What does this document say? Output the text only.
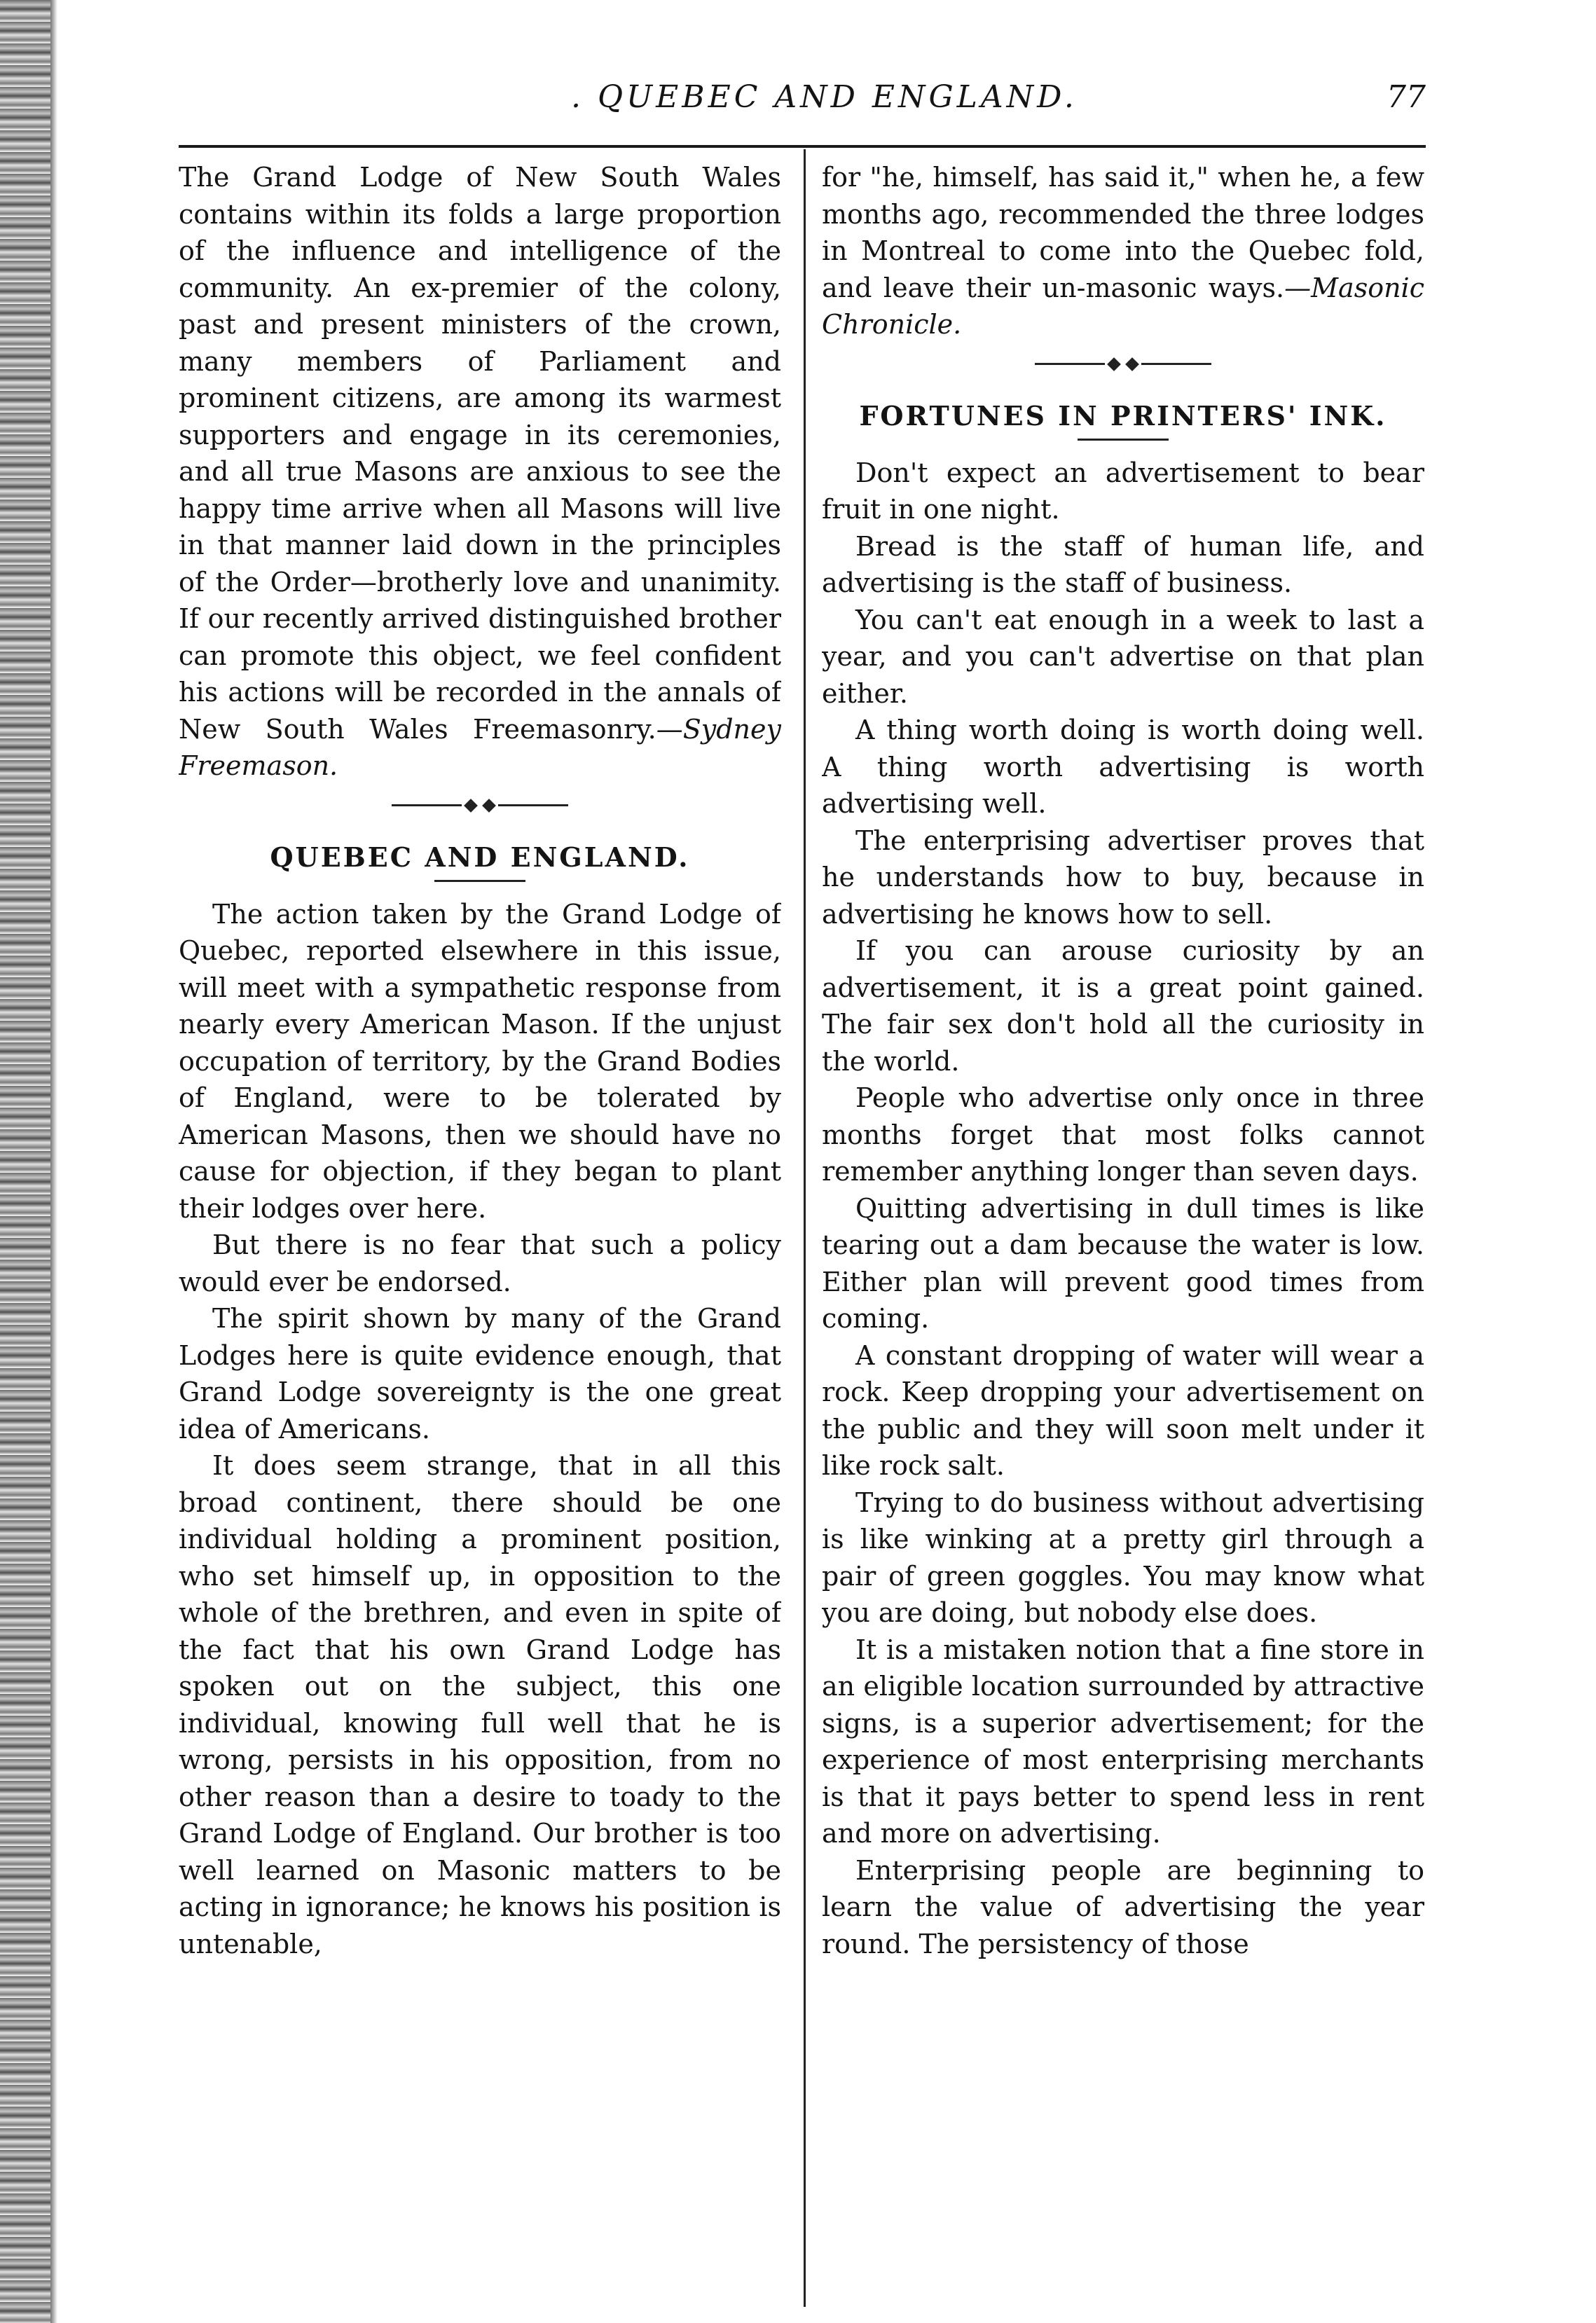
. QUEBEC AND ENGLAND.	77

The Grand Lodge of New South Wales contains within its folds a large proportion of the influence and intelligence of the community. An ex-premier of the colony, past and present ministers of the crown, many members of Parliament and prominent citizens, are among its warmest supporters and engage in its ceremonies, and all true Masons are anxious to see the happy time arrive when all Masons will live in that manner laid down in the principles of the Order—brotherly love and unanimity. If our recently arrived distinguished brother can promote this object, we feel confident his actions will be recorded in the annals of New South Wales Freemasonry.—Sydney Freemason.

QUEBEC AND ENGLAND.

The action taken by the Grand Lodge of Quebec, reported elsewhere in this issue, will meet with a sympathetic response from nearly every American Mason. If the unjust occupation of territory, by the Grand Bodies of England, were to be tolerated by American Masons, then we should have no cause for objection, if they began to plant their lodges over here.

But there is no fear that such a policy would ever be endorsed.

The spirit shown by many of the Grand Lodges here is quite evidence enough, that Grand Lodge sovereignty is the one great idea of Americans.

It does seem strange, that in all this broad continent, there should be one individual holding a prominent position, who set himself up, in opposition to the whole of the brethren, and even in spite of the fact that his own Grand Lodge has spoken out on the subject, this one individual, knowing full well that he is wrong, persists in his opposition, from no other reason than a desire to toady to the Grand Lodge of England. Our brother is too well learned on Masonic matters to be acting in ignorance; he knows his position is untenable,

for "he, himself, has said it," when he, a few months ago, recommended the three lodges in Montreal to come into the Quebec fold, and leave their un-masonic ways.—Masonic Chronicle.

FORTUNES IN PRINTERS' INK.

Don't expect an advertisement to bear fruit in one night.

Bread is the staff of human life, and advertising is the staff of business.

You can't eat enough in a week to last a year, and you can't advertise on that plan either.

A thing worth doing is worth doing well. A thing worth advertising is worth advertising well.

The enterprising advertiser proves that he understands how to buy, because in advertising he knows how to sell.

If you can arouse curiosity by an advertisement, it is a great point gained. The fair sex don't hold all the curiosity in the world.

People who advertise only once in three months forget that most folks cannot remember anything longer than seven days.

Quitting advertising in dull times is like tearing out a dam because the water is low. Either plan will prevent good times from coming.

A constant dropping of water will wear a rock. Keep dropping your advertisement on the public and they will soon melt under it like rock salt.

Trying to do business without advertising is like winking at a pretty girl through a pair of green goggles. You may know what you are doing, but nobody else does.

It is a mistaken notion that a fine store in an eligible location surrounded by attractive signs, is a superior advertisement; for the experience of most enterprising merchants is that it pays better to spend less in rent and more on advertising.

Enterprising people are beginning to learn the value of advertising the year round. The persistency of those
